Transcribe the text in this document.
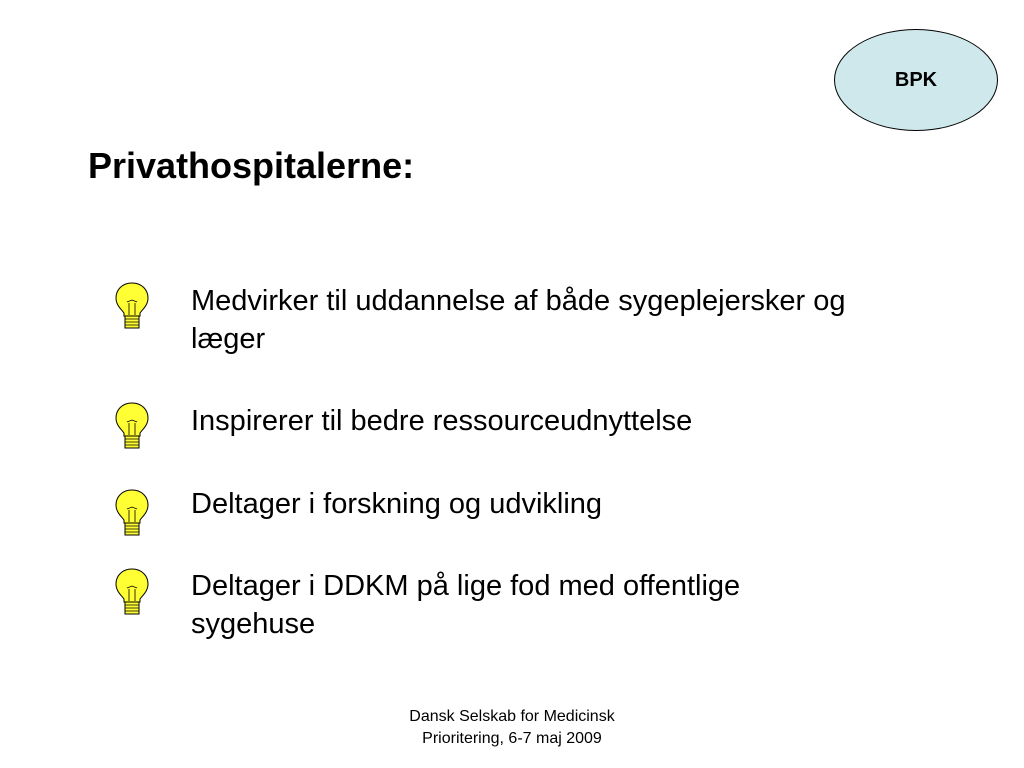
BPK
Privathospitalerne:
Medvirker til uddannelse af både sygeplejersker og læger
Inspirerer til bedre ressourceudnyttelse
Deltager i forskning og udvikling
Deltager i DDKM på lige fod med offentlige sygehuse
Dansk Selskab for Medicinsk
Prioritering, 6-7 maj 2009
